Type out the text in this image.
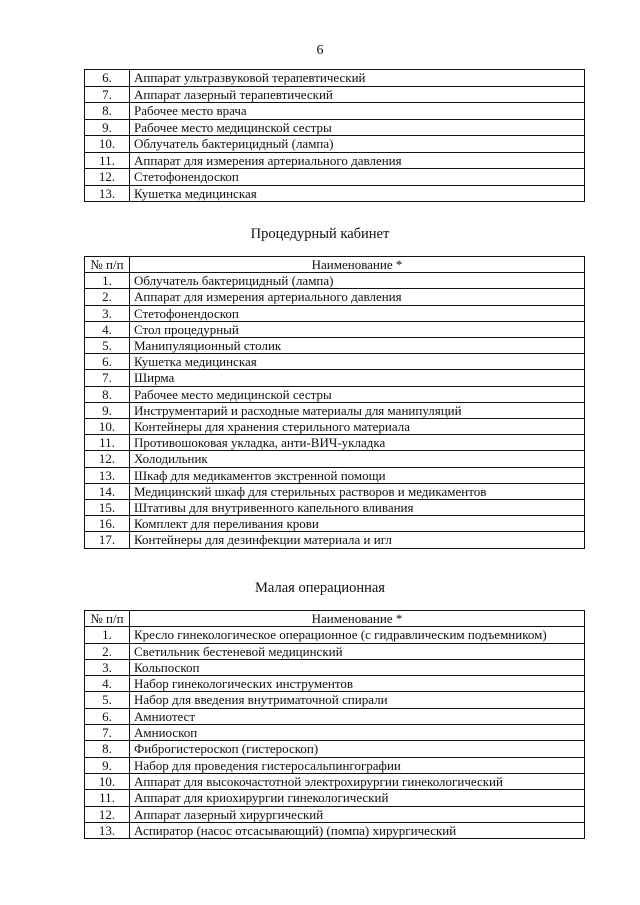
6
6.	Аппарат ультразвуковой терапевтический
7.	Аппарат лазерный терапевтический
8.	Рабочее место врача
9.	Рабочее место медицинской сестры
10.	Облучатель бактерицидный (лампа)
11.	Аппарат для измерения артериального давления
12.	Стетофонендоскоп
13.	Кушетка медицинская
Процедурный кабинет
№ п/п	Наименование *
1.	Облучатель бактерицидный (лампа)
2.	Аппарат для измерения артериального давления
3.	Стетофонендоскоп
4.	Стол процедурный
5.	Манипуляционный столик
6.	Кушетка медицинская
7.	Ширма
8.	Рабочее место медицинской сестры
9.	Инструментарий и расходные материалы для манипуляций
10.	Контейнеры для хранения стерильного материала
11.	Противошоковая укладка, анти-ВИЧ-укладка
12.	Холодильник
13.	Шкаф для медикаментов экстренной помощи
14.	Медицинский шкаф для стерильных растворов и медикаментов
15.	Штативы для внутривенного капельного вливания
16.	Комплект для переливания крови
17.	Контейнеры для дезинфекции материала и игл
Малая операционная
№ п/п	Наименование *
1.	Кресло гинекологическое операционное (с гидравлическим подъемником)
2.	Светильник бестеневой медицинский
3.	Кольпоскоп
4.	Набор гинекологических инструментов
5.	Набор для введения внутриматочной спирали
6.	Амниотест
7.	Амниоскоп
8.	Фиброгистероскоп (гистероскоп)
9.	Набор для проведения гистеросальпингографии
10.	Аппарат для высокочастотной электрохирургии гинекологический
11.	Аппарат для криохирургии гинекологический
12.	Аппарат лазерный хирургический
13.	Аспиратор (насос отсасывающий) (помпа) хирургический
